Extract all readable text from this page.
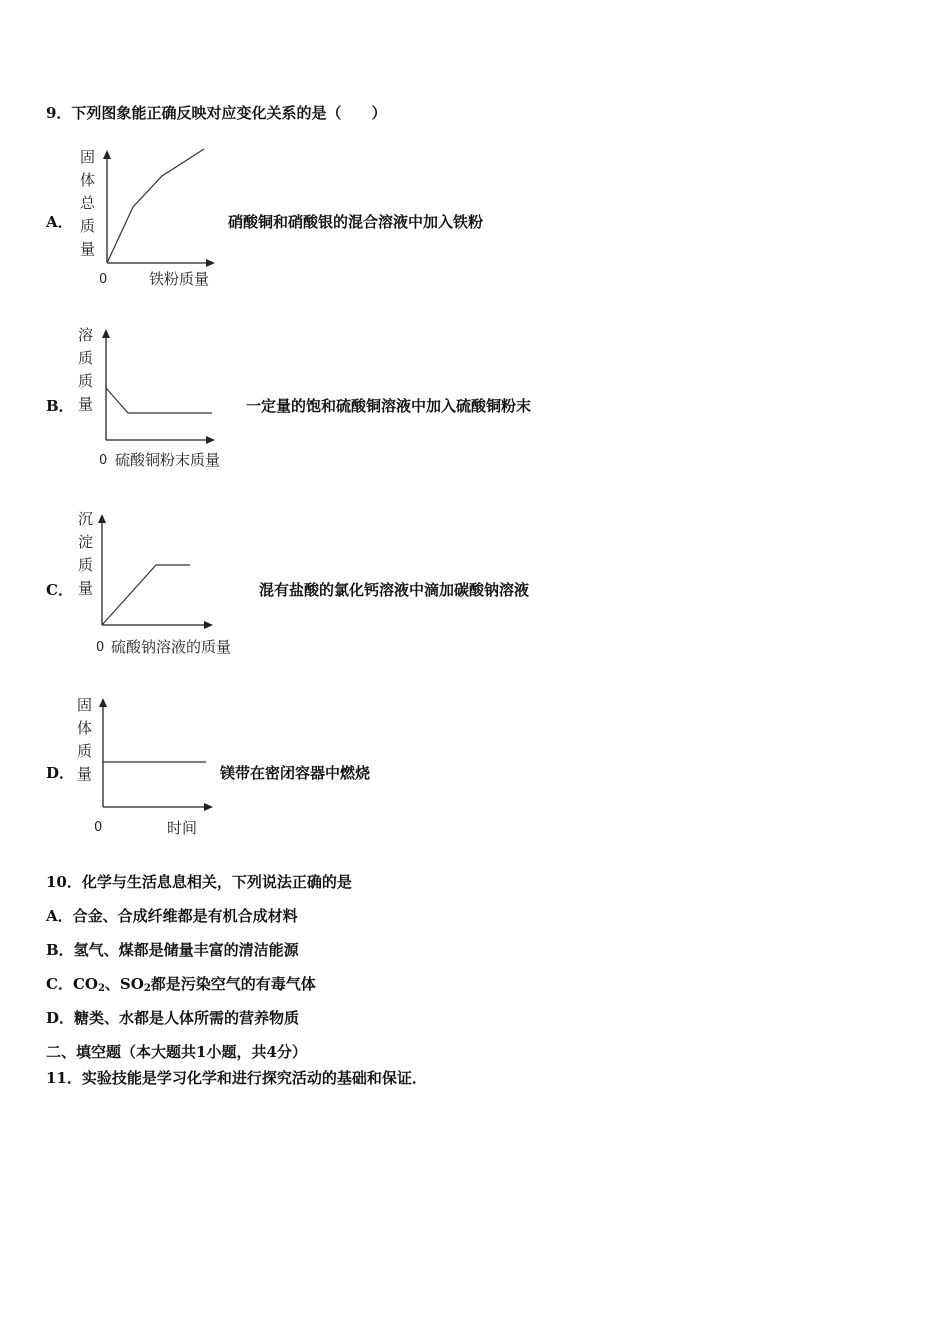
9．下列图象能正确反映对应变化关系的是（　　）
A．
固
体
总
质
量
0	铁粉质量
硝酸铜和硝酸银的混合溶液中加入铁粉
B．
溶
质
质
量
0 硫酸铜粉末质量
一定量的饱和硫酸铜溶液中加入硫酸铜粉末
C．
沉
淀
质
量
0 硫酸钠溶液的质量
混有盐酸的氯化钙溶液中滴加碳酸钠溶液
D．
固
体
质
量
0	时间
镁带在密闭容器中燃烧
10．化学与生活息息相关，下列说法正确的是
A．合金、合成纤维都是有机合成材料
B．氢气、煤都是储量丰富的清洁能源
C．$CO_2$、$SO_2$都是污染空气的有毒气体
D．糖类、水都是人体所需的营养物质
二、填空题（本大题共1小题，共4分）
11．实验技能是学习化学和进行探究活动的基础和保证．
